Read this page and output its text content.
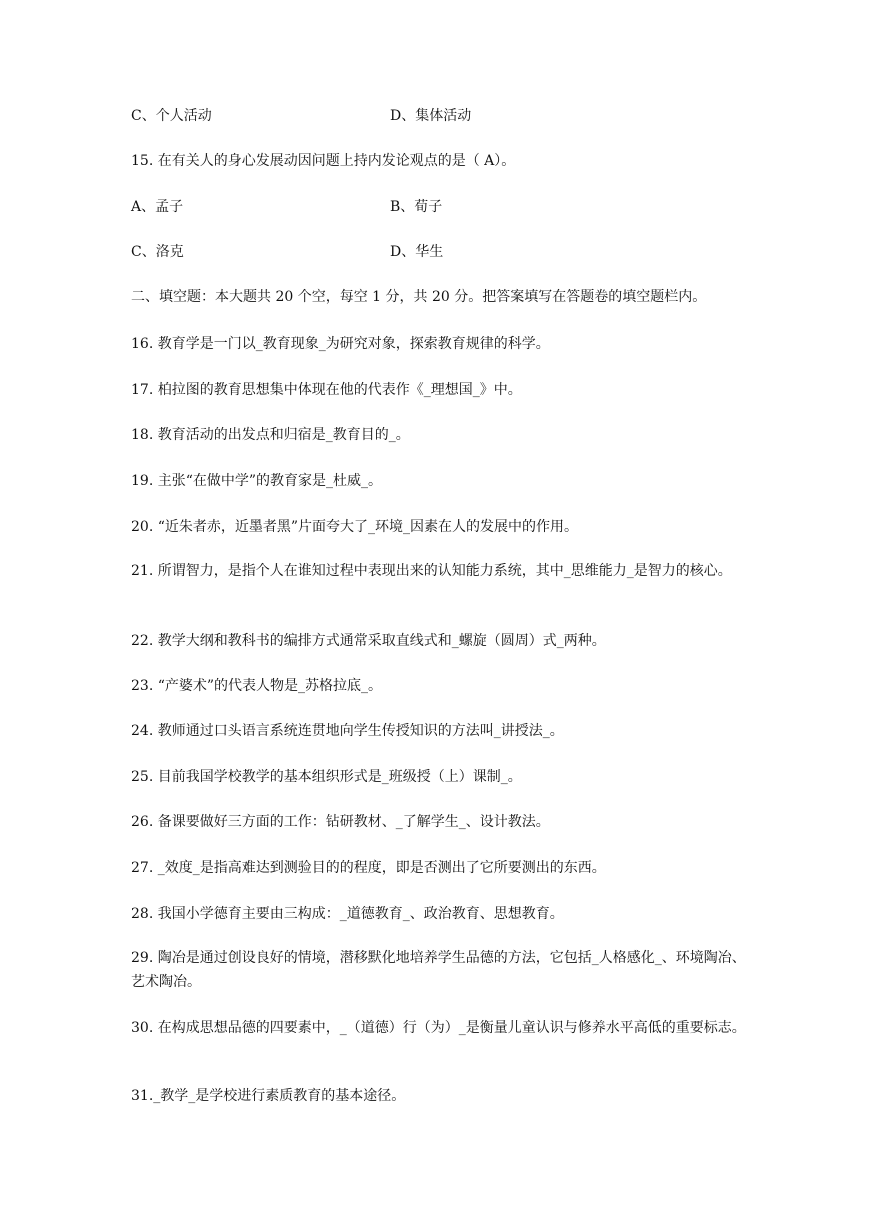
C、个人活动	D、集体活动
15. 在有关人的身心发展动因问题上持内发论观点的是（ A）。
A、孟子	B、荀子
C、洛克	D、华生
二、填空题：本大题共 20 个空，每空 1 分，共 20 分。把答案填写在答题卷的填空题栏内。
16. 教育学是一门以_教育现象_为研究对象，探索教育规律的科学。
17. 柏拉图的教育思想集中体现在他的代表作《_理想国_》中。
18. 教育活动的出发点和归宿是_教育目的_。
19. 主张“在做中学”的教育家是_杜威_。
20. “近朱者赤，近墨者黑”片面夸大了_环境_因素在人的发展中的作用。
21. 所谓智力，是指个人在谁知过程中表现出来的认知能力系统，其中_思维能力_是智力的核心。
22. 教学大纲和教科书的编排方式通常采取直线式和_螺旋（圆周）式_两种。
23. “产婆术”的代表人物是_苏格拉底_。
24. 教师通过口头语言系统连贯地向学生传授知识的方法叫_讲授法_。
25. 目前我国学校教学的基本组织形式是_班级授（上）课制_。
26. 备课要做好三方面的工作：钻研教材、_了解学生_、设计教法。
27. _效度_是指高难达到测验目的的程度，即是否测出了它所要测出的东西。
28. 我国小学德育主要由三构成：_道德教育_、政治教育、思想教育。
29. 陶冶是通过创设良好的情境，潜移默化地培养学生品德的方法，它包括_人格感化_、环境陶冶、艺术陶冶。
30. 在构成思想品德的四要素中，_（道德）行（为）_是衡量儿童认识与修养水平高低的重要标志。
31._教学_是学校进行素质教育的基本途径。
